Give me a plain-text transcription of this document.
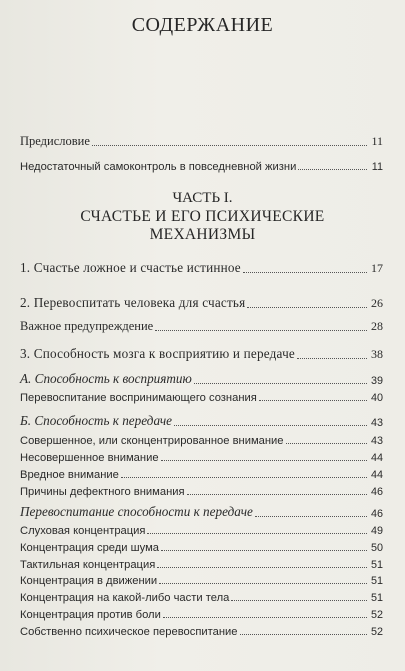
СОДЕРЖАНИЕ
Предисловие	11
Недостаточный самоконтроль в повседневной жизни	11
ЧАСТЬ I.
СЧАСТЬЕ И ЕГО ПСИХИЧЕСКИЕ
МЕХАНИЗМЫ
1. Счастье ложное и счастье истинное	17
2. Перевоспитать человека для счастья	26
Важное предупреждение	28
3. Способность мозга к восприятию и передаче	38
А. Способность к восприятию	39
Перевоспитание воспринимающего сознания	40
Б. Способность к передаче	43
Совершенное, или сконцентрированное внимание	43
Несовершенное внимание	44
Вредное внимание	44
Причины дефектного внимания	46
Перевоспитание способности к передаче	46
Слуховая концентрация	49
Концентрация среди шума	50
Тактильная концентрация	51
Концентрация в движении	51
Концентрация на какой-либо части тела	51
Концентрация против боли	52
Собственно психическое перевоспитание	52
